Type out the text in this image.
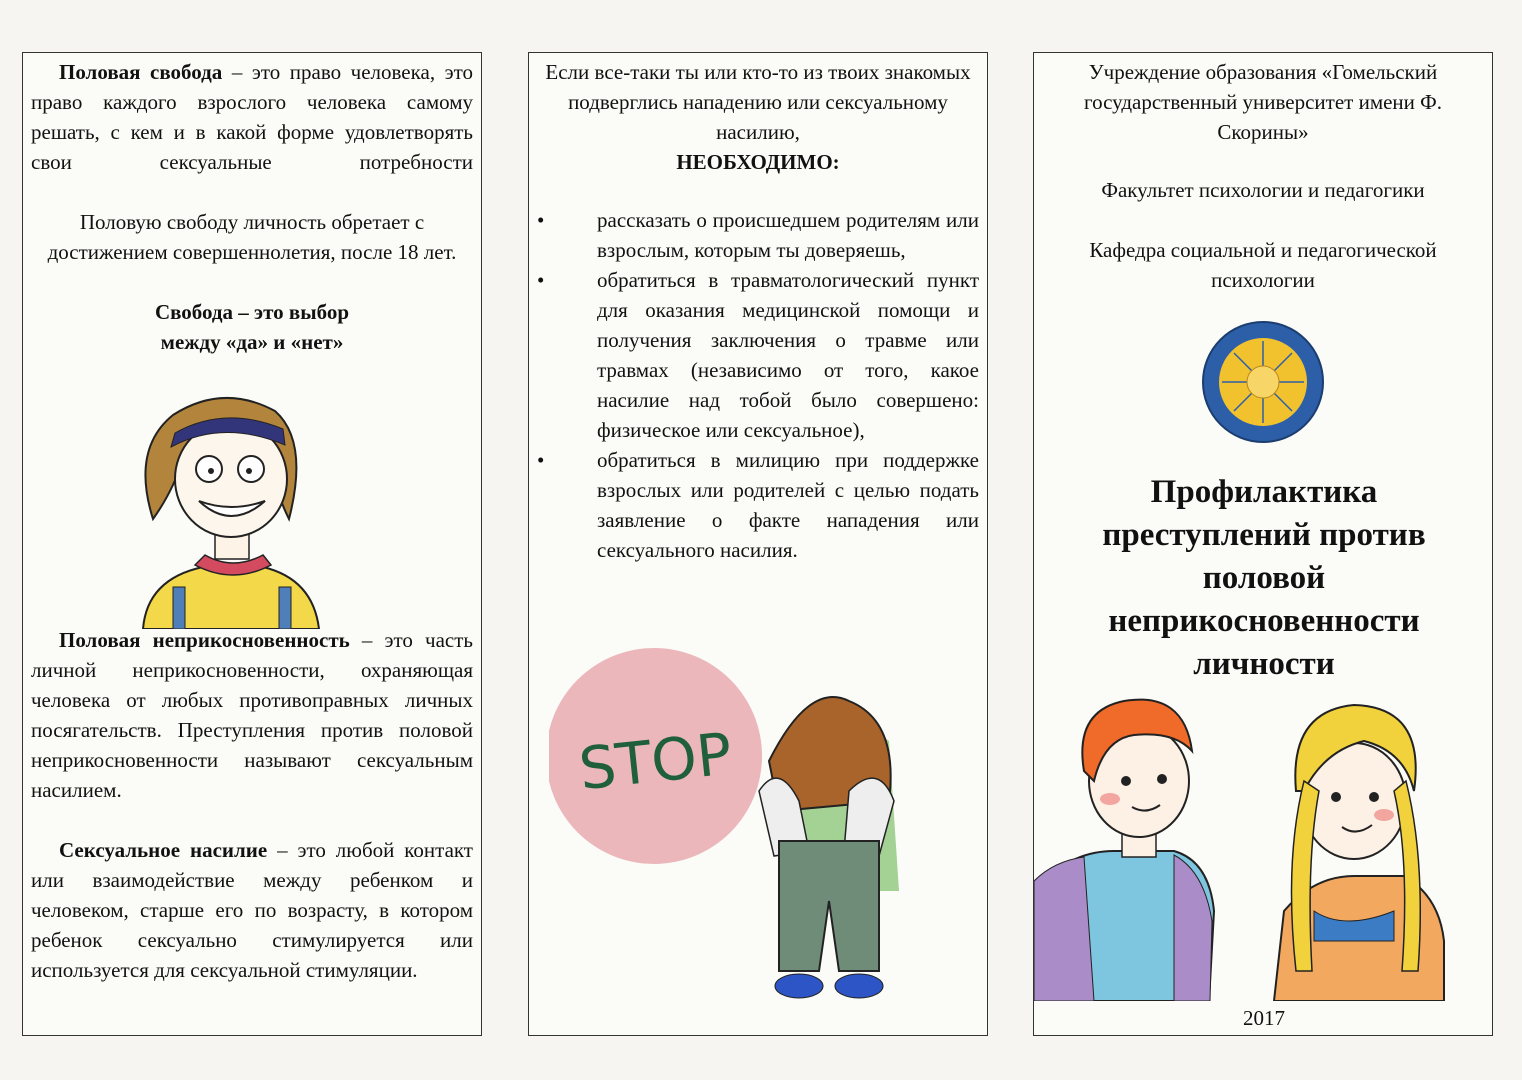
Половая свобода – это право человека, это право каждого взрослого человека самому решать, с кем и в какой форме удовлетворять свои сексуальные потребности
Половую свободу личность обретает с достижением совершеннолетия, после 18 лет.
Свобода – это выбор
между «да» и «нет»
Половая неприкосновенность – это часть личной неприкосновенности, охраняющая человека от любых противоправных личных посягательств. Преступления против половой неприкосновенности называют сексуальным насилием.
Сексуальное насилие – это любой контакт или взаимодействие между ребенком и человеком, старше его по возрасту, в котором ребенок сексуально стимулируется или используется для сексуальной стимуляции.
Если все-таки ты или кто-то из твоих знакомых подверглись нападению или сексуальному насилию,
НЕОБХОДИМО:
•	рассказать о происшедшем родителям или взрослым, которым ты доверяешь,
•	обратиться в травматологический пункт для оказания медицинской помощи и получения заключения о травме или травмах (независимо от того, какое насилие над тобой было совершено: физическое или сексуальное),
•	обратиться в милицию при поддержке взрослых или родителей с целью подать заявление о факте нападения или сексуального насилия.
STOP
Учреждение образования «Гомельский государственный университет имени Ф. Скорины»
Факультет психологии и педагогики
Кафедра социальной и педагогической психологии
Профилактика преступлений против половой неприкосновенности личности
2017
